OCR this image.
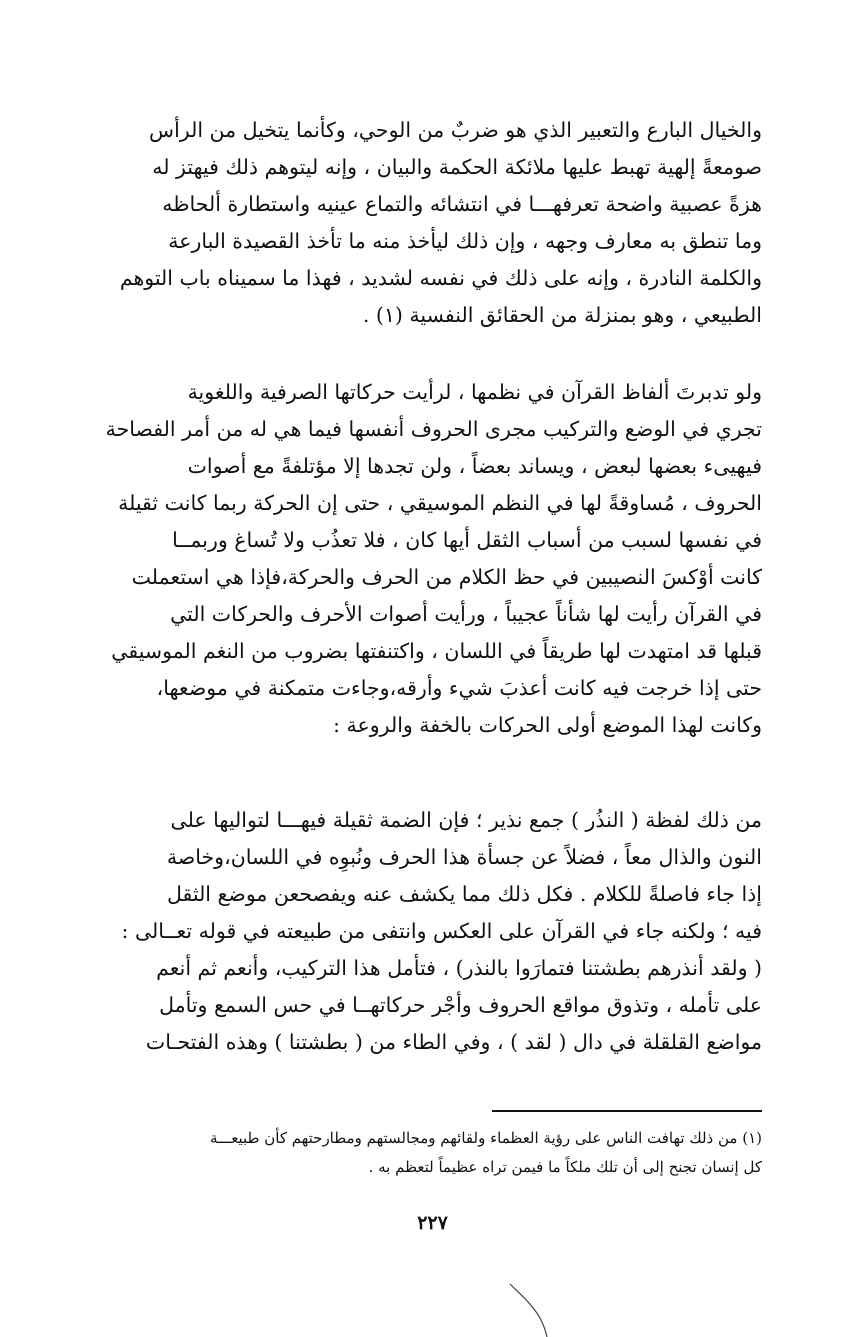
والخيال البارع والتعبير الذي هو ضربٌ من الوحي، وكأنما يتخيل من الرأس
صومعةً إلهية تهبط عليها ملائكة الحكمة والبيان ، وإنه ليتوهم ذلك فيهتز له
هزةً عصبية واضحة تعرفهـــا في انتشائه والتماع عينيه واستطارة ألحاظه
وما تنطق به معارف وجهه ، وإن ذلك ليأخذ منه ما تأخذ القصيدة البارعة
والكلمة النادرة ، وإنه على ذلك في نفسه لشديد ، فهذا ما سميناه باب التوهم
الطبيعي ، وهو بمنزلة من الحقائق النفسية (١) .
ولو تدبرتَ ألفاظ القرآن في نظمها ، لرأيت حركاتها الصرفية واللغوية
تجري في الوضع والتركيب مجرى الحروف أنفسها فيما هي له من أمر الفصاحة
فيهيىء بعضها لبعض ، ويساند بعضاً ، ولن تجدها إلا مؤتلفةً مع أصوات
الحروف ، مُساوقةً لها في النظم الموسيقي ، حتى إن الحركة ربما كانت ثقيلة
في نفسها لسبب من أسباب الثقل أيها كان ، فلا تعذُب ولا تُساغ وربمــا
كانت أوْكسَ النصيبين في حظ الكلام من الحرف والحركة،فإذا هي استعملت
في القرآن رأيت لها شأناً عجيباً ، ورأيت أصوات الأحرف والحركات التي
قبلها قد امتهدت لها طريقاً في اللسان ، واكتنفتها بضروب من النغم الموسيقي
حتى إذا خرجت فيه كانت أعذبَ شيء وأرقه،وجاءت متمكنة في موضعها،
وكانت لهذا الموضع أولى الحركات بالخفة والروعة :
من ذلك لفظة ( النذُر ) جمع نذير ؛ فإن الضمة ثقيلة فيهـــا لتواليها على
النون والذال معاً ، فضلاً عن جسأة هذا الحرف ونُبوِه في اللسان،وخاصة
إذا جاء فاصلةً للكلام . فكل ذلك مما يكشف عنه ويفصحعن موضع الثقل
فيه ؛ ولكنه جاء في القرآن على العكس وانتفى من طبيعته في قوله تعــالى :
( ولقد أنذرهم بطشتنا فتمارَوا بالنذر) ، فتأمل هذا التركيب، وأنعم ثم أنعم
على تأمله ، وتذوق مواقع الحروف وأجْر حركاتهــا في حس السمع وتأمل
مواضع القلقلة في دال ( لقد ) ، وفي الطاء من ( بطشتنا ) وهذه الفتحـات
(١) من ذلك تهافت الناس على رؤية العظماء ولقائهم ومجالستهم ومطارحتهم كأن طبيعـــة
كل إنسان تجنح إلى أن تلك ملكاً ما فيمن تراه عظيماً لتعظم به .
٢٢٧
